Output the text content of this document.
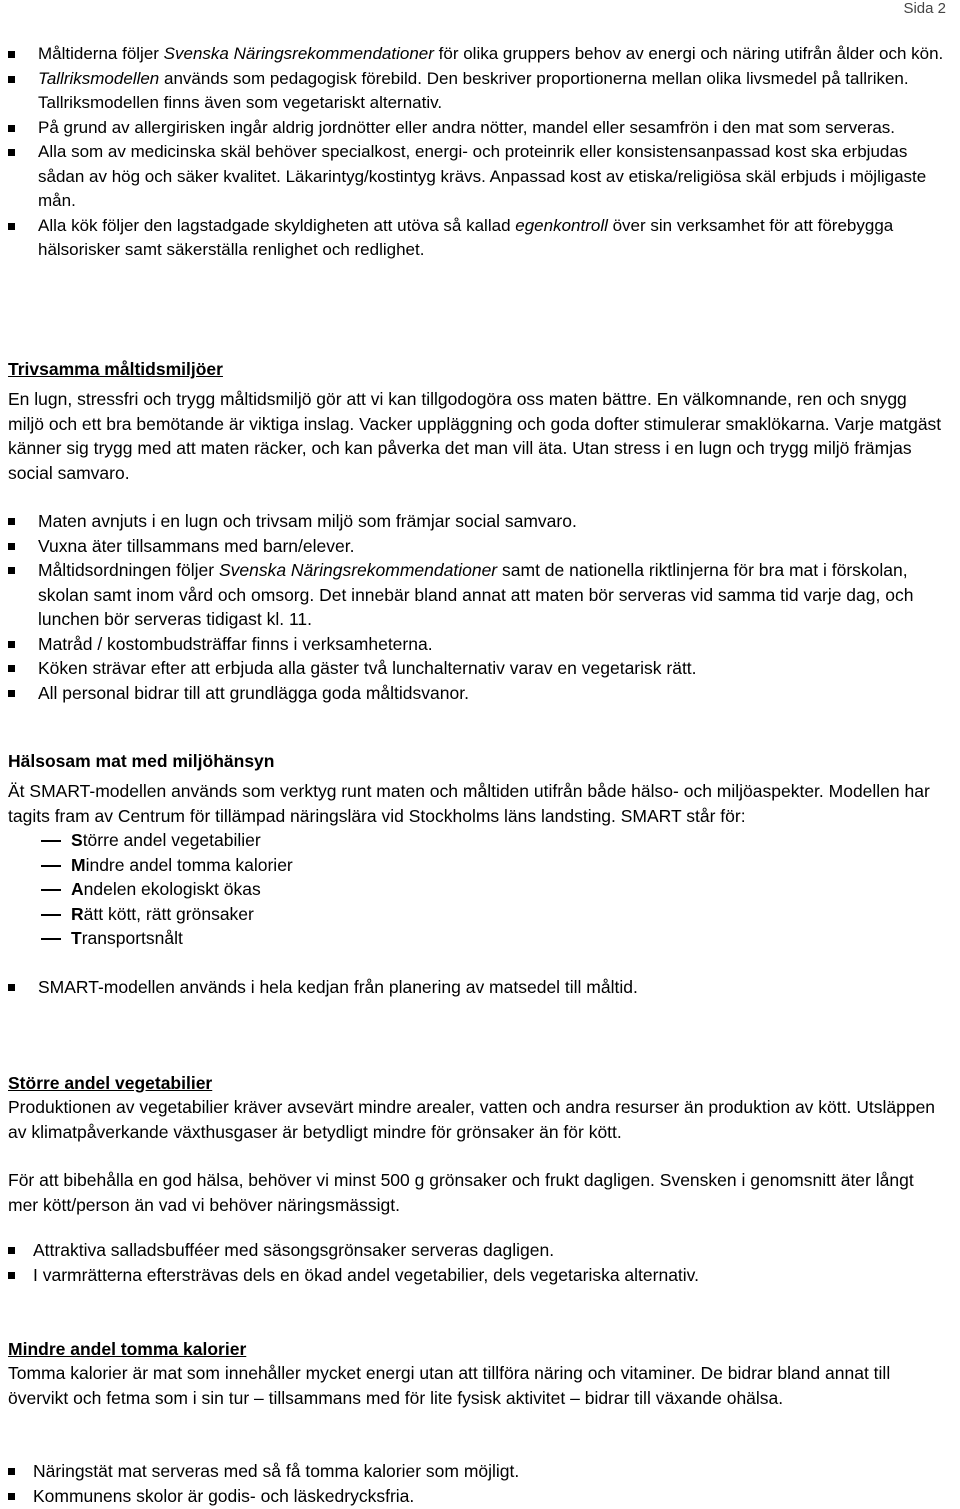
Sida 2
Måltiderna följer Svenska Näringsrekommendationer för olika gruppers behov av energi och näring utifrån ålder och kön.
Tallriksmodellen används som pedagogisk förebild. Den beskriver proportionerna mellan olika livsmedel på tallriken. Tallriksmodellen finns även som vegetariskt alternativ.
På grund av allergirisken ingår aldrig jordnötter eller andra nötter, mandel eller sesamfrön i den mat som serveras.
Alla som av medicinska skäl behöver specialkost, energi- och proteinrik eller konsistensanpassad kost ska erbjudas sådan av hög och säker kvalitet. Läkarintyg/kostintyg krävs. Anpassad kost av etiska/religiösa skäl erbjuds i möjligaste mån.
Alla kök följer den lagstadgade skyldigheten att utöva så kallad egenkontroll över sin verksamhet för att förebygga hälsorisker samt säkerställa renlighet och redlighet.
Trivsamma måltidsmiljöer

En lugn, stressfri och trygg måltidsmiljö gör att vi kan tillgodogöra oss maten bättre. En välkomnande, ren och snygg miljö och ett bra bemötande är viktiga inslag. Vacker uppläggning och goda dofter stimulerar smaklökarna. Varje matgäst känner sig trygg med att maten räcker, och kan påverka det man vill äta. Utan stress i en lugn och trygg miljö främjas social samvaro.

Maten avnjuts i en lugn och trivsam miljö som främjar social samvaro.
Vuxna äter tillsammans med barn/elever.
Måltidsordningen följer Svenska Näringsrekommendationer samt de nationella riktlinjerna för bra mat i förskolan, skolan samt inom vård och omsorg. Det innebär bland annat att maten bör serveras vid samma tid varje dag, och lunchen bör serveras tidigast kl. 11.
Matråd / kostombudsträffar finns i verksamheterna.
Köken strävar efter att erbjuda alla gäster två lunchalternativ varav en vegetarisk rätt.
All personal bidrar till att grundlägga goda måltidsvanor.
Hälsosam mat med miljöhänsyn

Ät SMART-modellen används som verktyg runt maten och måltiden utifrån både hälso- och miljöaspekter. Modellen har tagits fram av Centrum för tillämpad näringslära vid Stockholms läns landsting. SMART står för:

Större andel vegetabilier
Mindre andel tomma kalorier
Andelen ekologiskt ökas
Rätt kött, rätt grönsaker
Transportsnålt
SMART-modellen används i hela kedjan från planering av matsedel till måltid.
Större andel vegetabilier

Produktionen av vegetabilier kräver avsevärt mindre arealer, vatten och andra resurser än produktion av kött. Utsläppen av klimatpåverkande växthusgaser är betydligt mindre för grönsaker än för kött.

För att bibehålla en god hälsa, behöver vi minst 500 g grönsaker och frukt dagligen. Svensken i genomsnitt äter långt mer kött/person än vad vi behöver näringsmässigt.

Attraktiva salladsbufféer med säsongsgrönsaker serveras dagligen.
I varmrätterna eftersträvas dels en ökad andel vegetabilier, dels vegetariska alternativ.
Mindre andel tomma kalorier

Tomma kalorier är mat som innehåller mycket energi utan att tillföra näring och vitaminer. De bidrar bland annat till övervikt och fetma som i sin tur – tillsammans med för lite fysisk aktivitet – bidrar till växande ohälsa.

Näringstät mat serveras med så få tomma kalorier som möjligt.
Kommunens skolor är godis- och läskedrycksfria.
